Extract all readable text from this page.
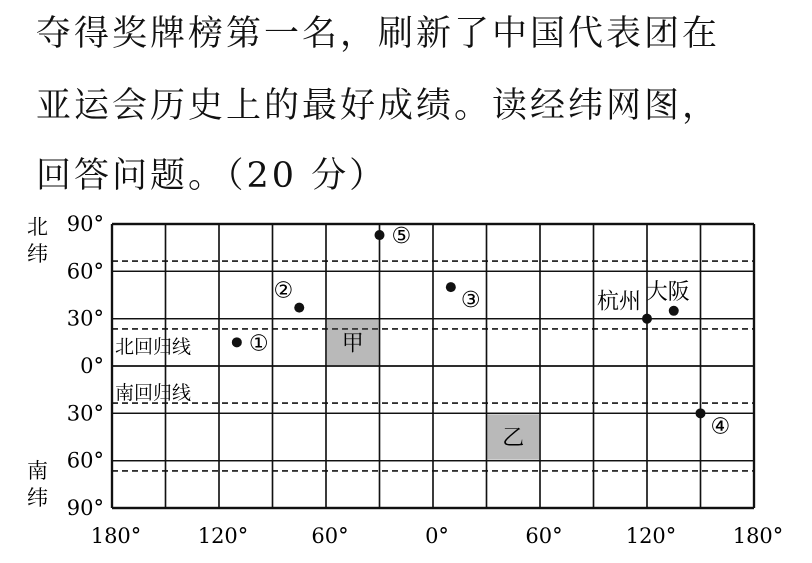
夺得奖牌榜第一名，刷新了中国代表团在
亚运会历史上的最好成绩。读经纬网图，
回答问题。（20 分）
甲
乙
①
②	③
④
⑤
杭州 大阪
北
纬
南
纬
北回归线
南回归线
90°
60°
30°
0°
30°
60°
90°
180°	120°	60°	0°	60°	120°	180°
